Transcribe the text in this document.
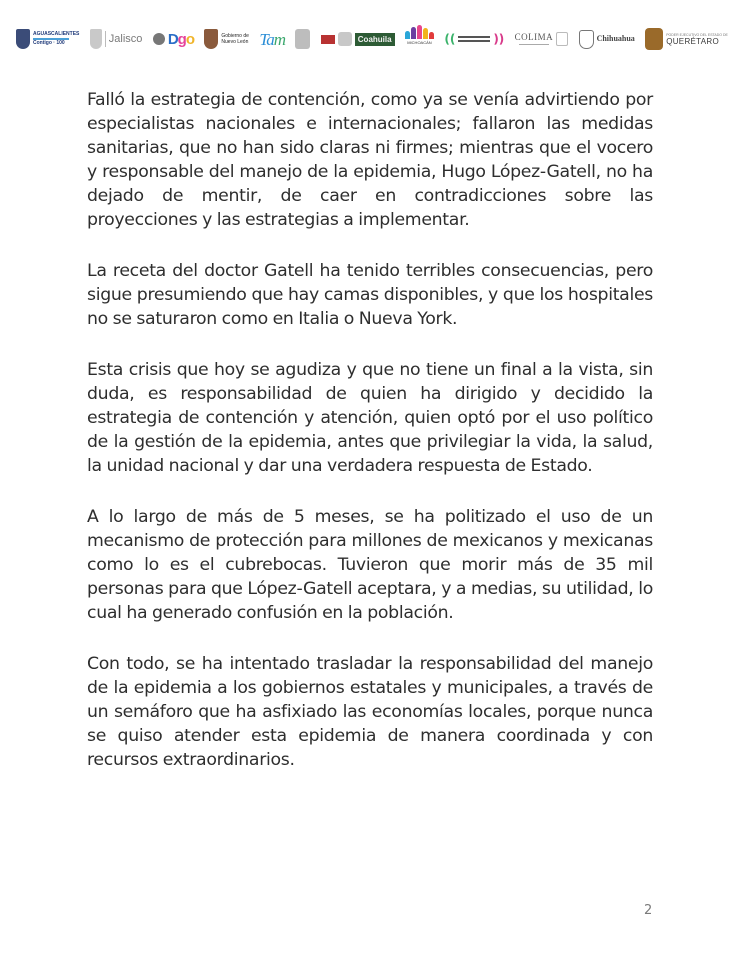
AGUASCALIENTES
Contigo · 100	Jalisco Dgo	Gobierno de
Nuevo León Tam	Coahuila	MICHOACÁN ((	)) COLIMA	Chihuahua	PODER EJECUTIVO DEL ESTADO DE
QUERÉTARO

Falló la estrategia de contención, como ya se venía advirtiendo por especialistas nacionales e internacionales; fallaron las medidas sanitarias, que no han sido claras ni firmes; mientras que el vocero y responsable del manejo de la epidemia, Hugo López-Gatell, no ha dejado de mentir, de caer en contradicciones sobre las proyecciones y las estrategias a implementar.

La receta del doctor Gatell ha tenido terribles consecuencias, pero sigue presumiendo que hay camas disponibles, y que los hospitales no se saturaron como en Italia o Nueva York.

Esta crisis que hoy se agudiza y que no tiene un final a la vista, sin duda, es responsabilidad de quien ha dirigido y decidido la estrategia de contención y atención, quien optó por el uso político de la gestión de la epidemia, antes que privilegiar la vida, la salud, la unidad nacional y dar una verdadera respuesta de Estado.

A lo largo de más de 5 meses, se ha politizado el uso de un mecanismo de protección para millones de mexicanos y mexicanas como lo es el cubrebocas. Tuvieron que morir más de 35 mil personas para que López-Gatell aceptara, y a medias, su utilidad, lo cual ha generado confusión en la población.

Con todo, se ha intentado trasladar la responsabilidad del manejo de la epidemia a los gobiernos estatales y municipales, a través de un semáforo que ha asfixiado las economías locales, porque nunca se quiso atender esta epidemia de manera coordinada y con recursos extraordinarios.

2
